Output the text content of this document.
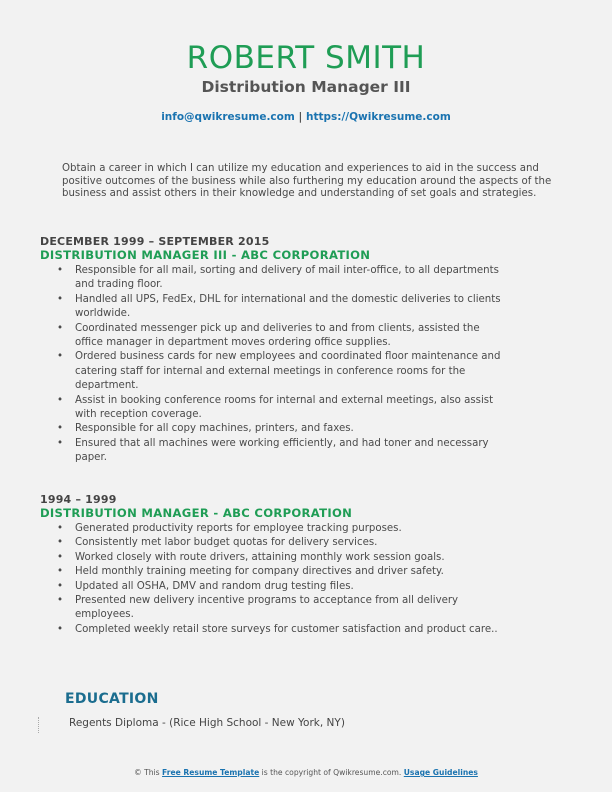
ROBERT SMITH
Distribution Manager III
info@qwikresume.com | https://Qwikresume.com
Obtain a career in which I can utilize my education and experiences to aid in the success and positive outcomes of the business while also furthering my education around the aspects of the business and assist others in their knowledge and understanding of set goals and strategies.
DECEMBER 1999 – SEPTEMBER 2015
DISTRIBUTION MANAGER III - ABC CORPORATION
• Responsible for all mail, sorting and delivery of mail inter-office, to all departments and trading floor.
• Handled all UPS, FedEx, DHL for international and the domestic deliveries to clients worldwide.
• Coordinated messenger pick up and deliveries to and from clients, assisted the office manager in department moves ordering office supplies.
• Ordered business cards for new employees and coordinated floor maintenance and catering staff for internal and external meetings in conference rooms for the department.
• Assist in booking conference rooms for internal and external meetings, also assist with reception coverage.
• Responsible for all copy machines, printers, and faxes.
• Ensured that all machines were working efficiently, and had toner and necessary paper.
1994 – 1999
DISTRIBUTION MANAGER - ABC CORPORATION
• Generated productivity reports for employee tracking purposes.
• Consistently met labor budget quotas for delivery services.
• Worked closely with route drivers, attaining monthly work session goals.
• Held monthly training meeting for company directives and driver safety.
• Updated all OSHA, DMV and random drug testing files.
• Presented new delivery incentive programs to acceptance from all delivery employees.
• Completed weekly retail store surveys for customer satisfaction and product care..
EDUCATION
Regents Diploma - (Rice High School - New York, NY)
© This Free Resume Template is the copyright of Qwikresume.com. Usage Guidelines
